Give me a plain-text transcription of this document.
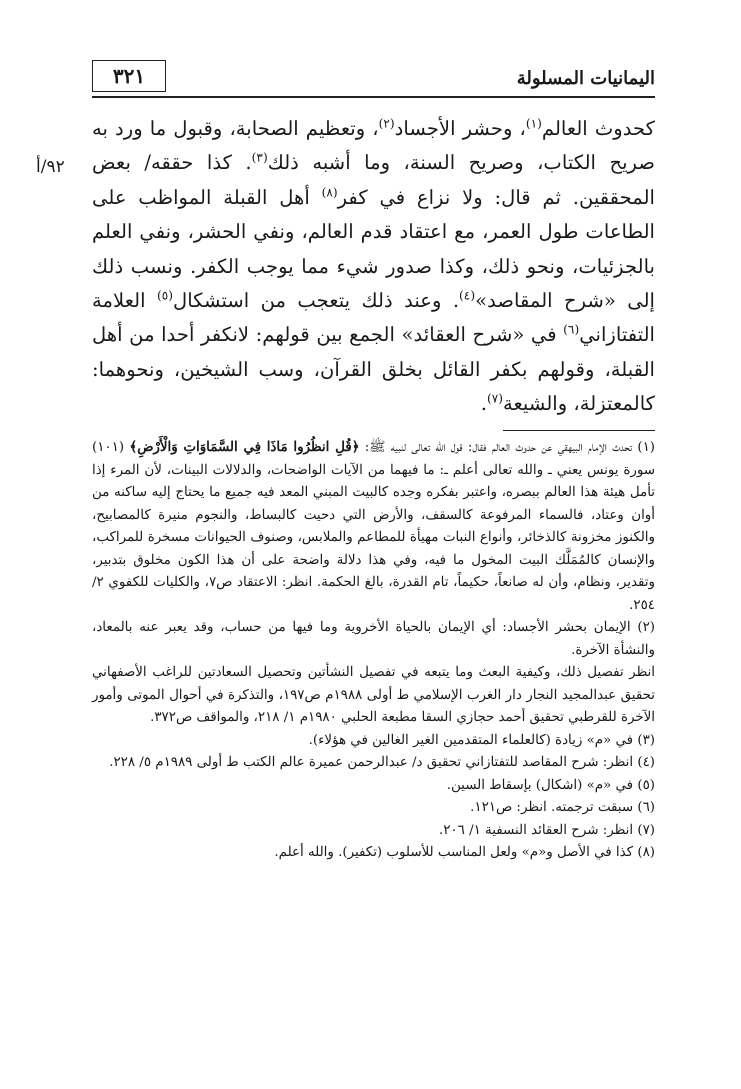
اليمانيات المسلولة
٣٢١
٩٢/أ

كحدوث العالم$^{(١)}$، وحشر الأجساد$^{(٢)}$، وتعظيم الصحابة، وقبول ما ورد به صريح الكتاب، وصريح السنة، وما أشبه ذلك$^{(٣)}$. كذا حققه/ بعض المحققين. ثم قال: ولا نزاع في كفر$^{(٨)}$ أهل القبلة المواظب على الطاعات طول العمر، مع اعتقاد قدم العالم، ونفي الحشر، ونفي العلم بالجزئيات، ونحو ذلك، وكذا صدور شيء مما يوجب الكفر. ونسب ذلك إلى «شرح المقاصد»$^{(٤)}$. وعند ذلك يتعجب من استشكال$^{(٥)}$ العلامة التفتازاني$^{(٦)}$ في «شرح العقائد» الجمع بين قولهم: لانكفر أحدا من أهل القبلة، وقولهم بكفر القائل بخلق القرآن، وسب الشيخين، ونحوهما: كالمعتزلة، والشيعة$^{(٧)}$.

(١) تحدث الإمام البيهقي عن حدوث العالم فقال: قول الله تعالى لنبيه ﷺ: ﴿قُلِ انظُرُوا مَاذَا فِي السَّمَاوَاتِ وَالْأَرْضِ﴾ (١٠١) سورة يونس يعني ـ والله تعالى أعلم ـ: ما فيهما من الآيات الواضحات، والدلالات البينات، لأن المرء إذا تأمل هيئة هذا العالم ببصره، واعتبر بفكره وجده كالبيت المبني المعد فيه جميع ما يحتاج إليه ساكنه من أوان وعتاد، فالسماء المرفوعة كالسقف، والأرض التي دحيت كالبساط، والنجوم منيرة كالمصابيح، والكنوز مخزونة كالذخائر، وأنواع النبات مهيأة للمطاعم والملابس، وصنوف الحيوانات مسخرة للمراكب، والإنسان كالمُمَلَّك البيت المخول ما فيه، وفي هذا دلالة واضحة على أن هذا الكون مخلوق بتدبير، وتقدير، ونظام، وأن له صانعاً، حكيماً، تام القدرة، بالغ الحكمة. انظر: الاعتقاد ص٧، والكليات للكفوي ٢/ ٢٥٤.

(٢) الإيمان بحشر الأجساد: أي الإيمان بالحياة الأخروية وما فيها من حساب، وقد يعبر عنه بالمعاد، والنشأة الآخرة.

انظر تفصيل ذلك، وكيفية البعث وما يتبعه في تفصيل النشأتين وتحصيل السعادتين للراغب الأصفهاني تحقيق عبدالمجيد النجار دار الغرب الإسلامي ط أولى ١٩٨٨م ص١٩٧، والتذكرة في أحوال الموتى وأمور الآخرة للقرطبي تحقيق أحمد حجازي السقا مطبعة الحلبي ١٩٨٠م ١/ ٢١٨، والمواقف ص٣٧٢.

(٣) في «م» زيادة (كالعلماء المتقدمين الغير الغالين في هؤلاء).

(٤) انظر: شرح المقاصد للتفتازاني تحقيق د/ عبدالرحمن عميرة عالم الكتب ط أولى ١٩٨٩م ٥/ ٢٢٨.

(٥) في «م» (اشكال) بإسقاط السين.

(٦) سبقت ترجمته. انظر: ص١٢١.

(٧) انظر: شرح العقائد النسفية ١/ ٢٠٦.

(٨) كذا في الأصل و«م» ولعل المناسب للأسلوب (تكفير). والله أعلم.
